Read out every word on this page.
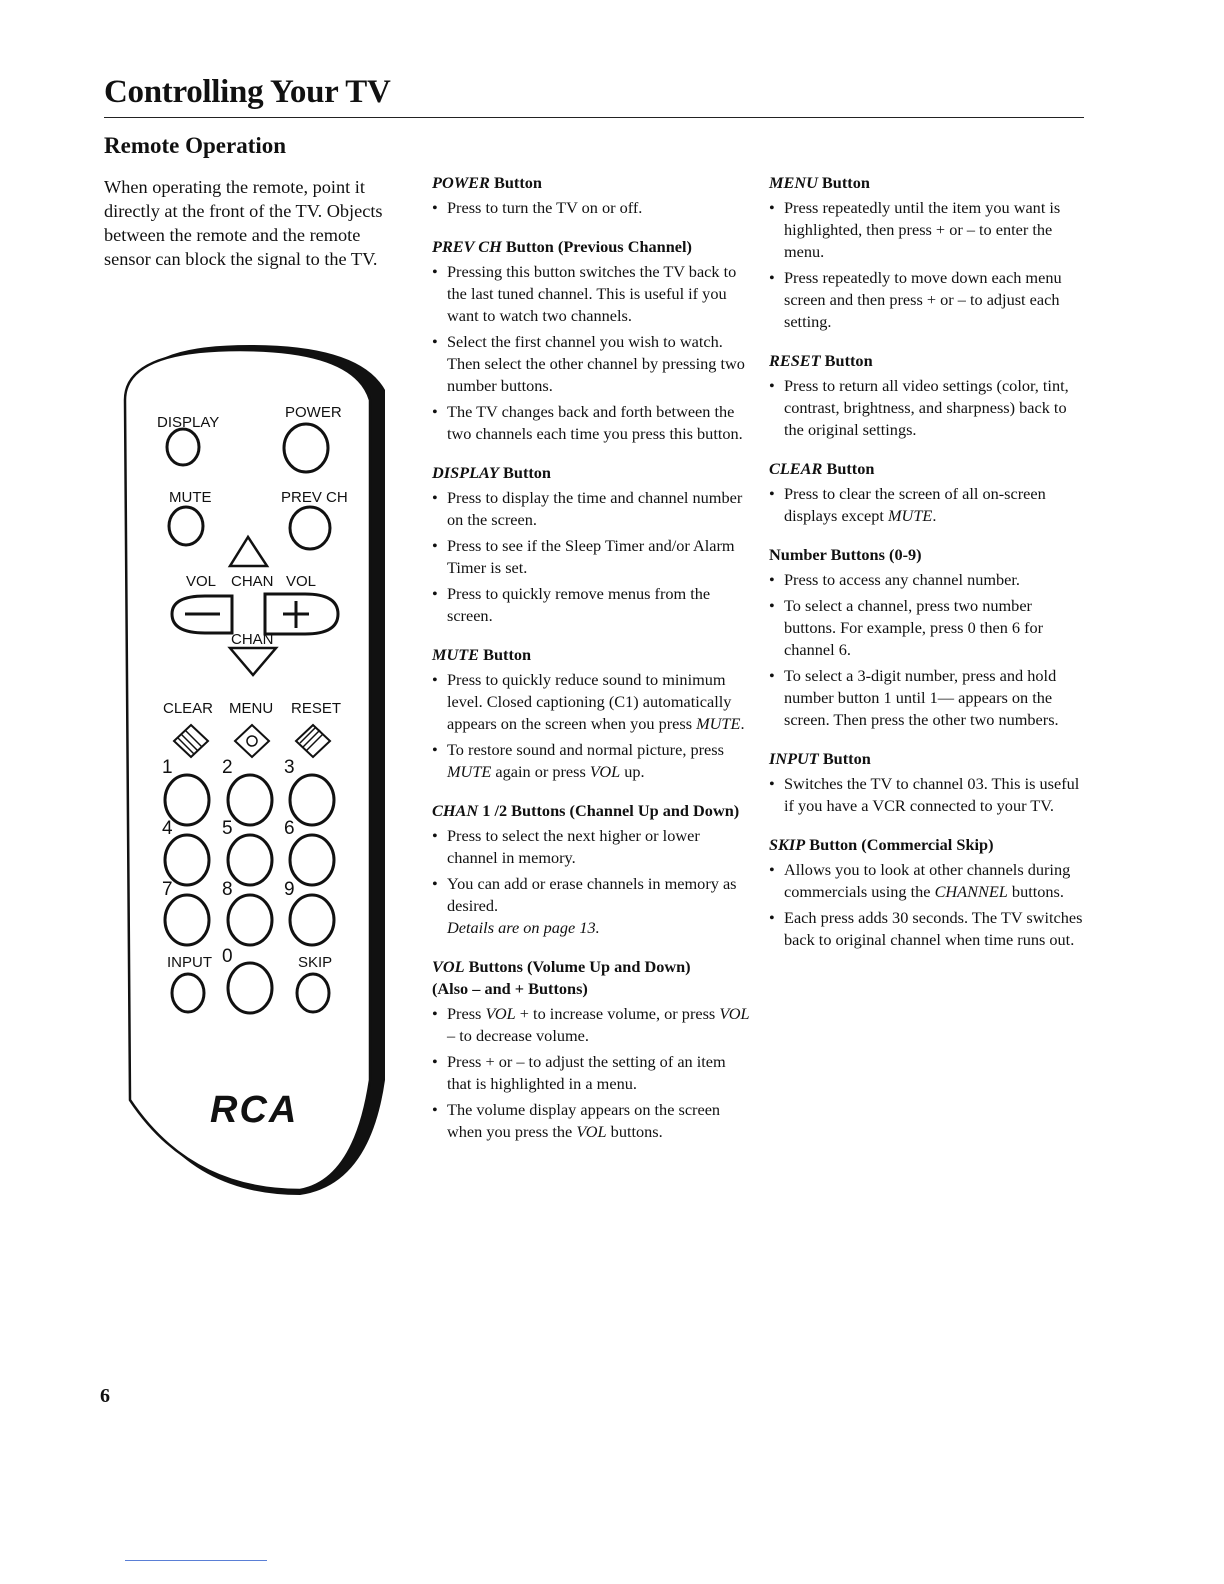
Controlling Your TV
Remote Operation

When operating the remote, point it directly at the front of the TV. Objects between the remote and the remote sensor can block the signal to the TV.

DISPLAY
POWER
MUTE	PREV CH
VOL CHAN VOL
CHAN
CLEAR MENU RESET
INPUT	SKIP
1	2	3
4	5	6
7	8	9
0
RCA

POWER Button

• Press to turn the TV on or off.

PREV CH Button (Previous Channel)

• Pressing this button switches the TV back to the last tuned channel. This is useful if you want to watch two channels.
• Select the first channel you wish to watch. Then select the other channel by pressing two number buttons.
• The TV changes back and forth between the two channels each time you press this button.

DISPLAY Button

• Press to display the time and channel number on the screen.
• Press to see if the Sleep Timer and/or Alarm Timer is set.
• Press to quickly remove menus from the screen.

MUTE Button

• Press to quickly reduce sound to minimum level. Closed captioning (C1) automatically appears on the screen when you press MUTE.
• To restore sound and normal picture, press MUTE again or press VOL up.

CHAN 1 /2 Buttons (Channel Up and Down)

• Press to select the next higher or lower channel in memory.
• You can add or erase channels in memory as desired.
Details are on page 13.

VOL Buttons (Volume Up and Down)

(Also – and + Buttons)

• Press VOL + to increase volume, or press VOL – to decrease volume.
• Press + or – to adjust the setting of an item that is highlighted in a menu.
• The volume display appears on the screen when you press the VOL buttons.

MENU Button

• Press repeatedly until the item you want is highlighted, then press + or – to enter the menu.
• Press repeatedly to move down each menu screen and then press + or – to adjust each setting.

RESET Button

• Press to return all video settings (color, tint, contrast, brightness, and sharpness) back to the original settings.

CLEAR Button

• Press to clear the screen of all on-screen displays except MUTE.

Number Buttons (0-9)

• Press to access any channel number.
• To select a channel, press two number buttons. For example, press 0 then 6 for channel 6.
• To select a 3-digit number, press and hold number button 1 until 1— appears on the screen. Then press the other two numbers.

INPUT Button

• Switches the TV to channel 03. This is useful if you have a VCR connected to your TV.

SKIP Button (Commercial Skip)

• Allows you to look at other channels during commercials using the CHANNEL buttons.
• Each press adds 30 seconds. The TV switches back to original channel when time runs out.
6
